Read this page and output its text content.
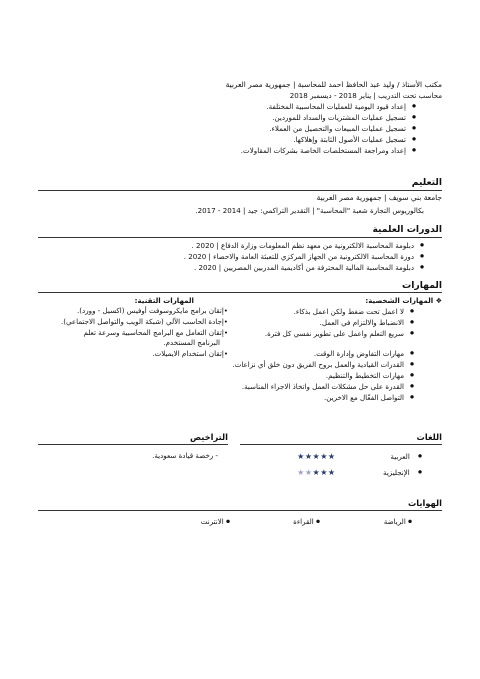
مكتب الأستاذ / وليد عبد الحافظ احمد للمحاسبة | جمهورية مصر العربية
محاسب تحت التدريب | يناير 2018 - ديسمبر 2018
● إعداد قيود اليومية للعمليات المحاسبية المختلفة.
● تسجيل عمليات المشتريات والسداد للموردين.
● تسجيل عمليات المبيعات والتحصيل من العملاء.
● تسجيل عمليات الأصول الثابتة وإهلاكها.
● إعداد ومراجعة المستخلصات الخاصة بشركات المقاولات.
التعليم
جامعة بني سويف | جمهورية مصر العربية
بكالوريوس التجارة شعبة "المحاسبة" | التقدير التراكمي: جيد | 2014 - 2017.
الدورات العلمية
● دبلومة المحاسبة الالكترونية من معهد نظم المعلومات وزارة الدفاع | 2020 .
● دورة المحاسبة الالكترونية من الجهاز المركزي للتعبئة العامة والاحصاء | 2020 .
● دبلومة المحاسبة المالية المحترفة من أكاديمية المدربين المصريين | 2020 .
المهارات
❖ المهارات الشخصية:
● لا اعمل تحت ضغط ولكن اعمل بذكاء.
● الانضباط والالتزام في العمل.
● سريع التعلم واعمل على تطوير نفسي كل فترة.
● مهارات التفاوض وإدارة الوقت.
● القدرات القيادية والعمل بروح الفريق دون خلق أي نزاعات.
● مهارات التخطيط والتنظيم.
● القدرة على حل مشكلات العمل واتخاذ الاجراء المناسبة.
● التواصل الفعّال مع الاخرين.
المهارات التقنية:
•إتقان برامج مايكروسوفت أوفيس (اكسيل - وورد).
•إجادة الحاسب الآلي (شبكة الويب والتواصل الاجتماعي).
•إتقان التعامل مع البرامج المحاسبية وسرعة تعلم
البرنامج المستخدم.
•إتقان استخدام الايميلات.
اللغات
● العربية ★★★★★
● الإنجليزية ★★★★★
التراخيص
- رخصة قيادة سعودية.
الهوايات
● الرياضة
● القراءة
● الانترنت
